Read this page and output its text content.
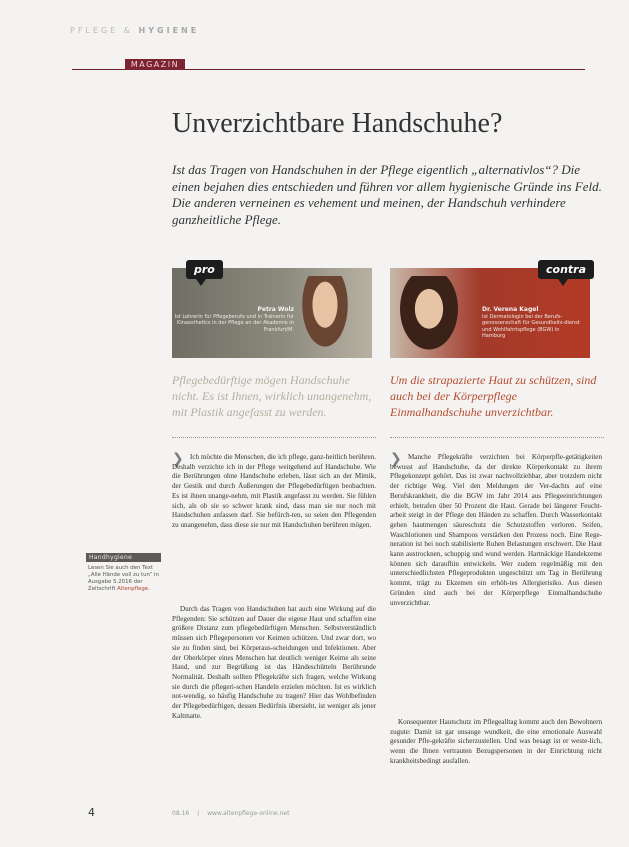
PFLEGE & HYGIENE
MAGAZIN
Unverzichtbare Handschuhe?
Ist das Tragen von Handschuhen in der Pflege eigentlich „alternativlos“? Die einen bejahen dies entschieden und führen vor allem hygienische Gründe ins Feld. Die anderen verneinen es vehement und meinen, der Handschuh verhindere ganzheitliche Pflege.
pro
Petra Wolz
Ist Lehrerin für Pflegeberufe und in Trainerin für Kinaesthetics in der Pflege an der Akademie in Frankfurt/M.
contra
Dr. Verena Kagel
Ist Dermatologin bei der Berufs-genossenschaft für Gesundheits-dienst und Wohlfahrtspflege (BGW) in Hamburg
Pflegebedürftige mögen Handschuhe nicht. Es ist Ihnen, wirklich unangenehm, mit Plastik angefasst zu werden.
Um die strapazierte Haut zu schützen, sind auch bei der Körperpflege Einmalhandschuhe unverzichtbar.
❯ Ich möchte die Menschen, die ich pflege, ganz-heitlich berühren. Deshalb verzichte ich in der Pflege weitgehend auf Handschuhe. Wie die Berührungen ohne Handschuhe erleben, lässt sich an der Mimik, der Gestik und durch Äußerungen der Pflegebedürftigen beobachten. Es ist ihnen unange-nehm, mit Plastik angefasst zu werden. Sie fühlen sich, als ob sie so schwer krank sind, dass man sie nur noch mit Handschuhen anfassen darf. Sie befürch-ten, so seien den Pflegenden zu unangenehm, dass diese sie nur mit Handschuhen berühren mögen.
Durch das Tragen von Handschuhen hat auch eine Wirkung auf die Pflegenden: Sie schützen auf Dauer die eigene Haut und schaffen eine größere Distanz zum pflegebedürftigen Menschen. Selbstverständlich müssen sich Pflegepersonen vor Keimen schützen. Und zwar dort, wo sie zu finden sind, bei Körperaus-scheidungen und Infektionen. Aber der Oberkörper eines Menschen hat deutlich weniger Keime als seine Hand, und zur Begrüßung ist das Händeschütteln Berührunde Normalität. Deshalb sollten Pflegekräfte sich fragen, welche Wirkung sie durch die pflegeri-schen Handeln erzielen möchten. Ist es wirklich not-wendig, so häufig Handschuhe zu tragen? Hier das Wohlbefinden der Pflegebedürftigen, dessen Bedürfnis übersieht, ist weniger als jener Kaltmatte.
❯ Manche Pflegekräfte verzichten bei Körperpfle-getätigkeiten bewusst auf Handschuhe, da der direkte Körperkontakt zu ihrem Pflegekonzept gehört. Das ist zwar nachvollziehbar, aber trotzdem nicht der richtige Weg. Viel den Meldungen der Ver-dachts auf eine Berufskrankheit, die die BGW im Jahr 2014 aus Pflegeeinrichtungen erhielt, betrafen über 50 Prozent die Haut. Gerade bei längerer Feucht-arbeit steigt in der Pflege den Händen zu schaffen. Durch Wasserkontakt gehen hautmengen säureschutz die Schutzstoffen verloren. Seifen, Waschlotionen und Shampoos verstärken den Prozess noch. Eine Rege-neration ist bei noch stabilisierte Ruhen Belastungen erschwert. Die Haut kann austrocknen, schuppig und wund werden. Hartnäckige Handekzeme können sich daraufhin entwickeln. Wer zudem regelmäßig mit den unterschiedlichsten Pflegeprodukten ungeschützt um Tag in Berührung kommt, trägt zu Ekzemen ein erhöh-tes Allergierisiko. Aus diesen Gründen sind auch bei der Körperpflege Einmalhandschuhe unverzichtbar.
Konsequenter Hautschutz im Pflegealltag kommt auch den Bewohnern zugute: Damit ist gar unsauge wundkeit, die eine emotionale Auswahl gesunder Pfle-gekräfte sicherzustellen. Und was besagt ist er weste-lich, wenn die Ihnen vertrauten Bezugspersonen in der Einrichtung nicht krankheitsbedingt ausfallen.
Handhygiene
Lesen Sie auch den Text „Alle Hände voll zu tun“ in Ausgabe 5.2016 der Zeitschrift Altenpflege.
4	08.16 | www.altenpflege-online.net
